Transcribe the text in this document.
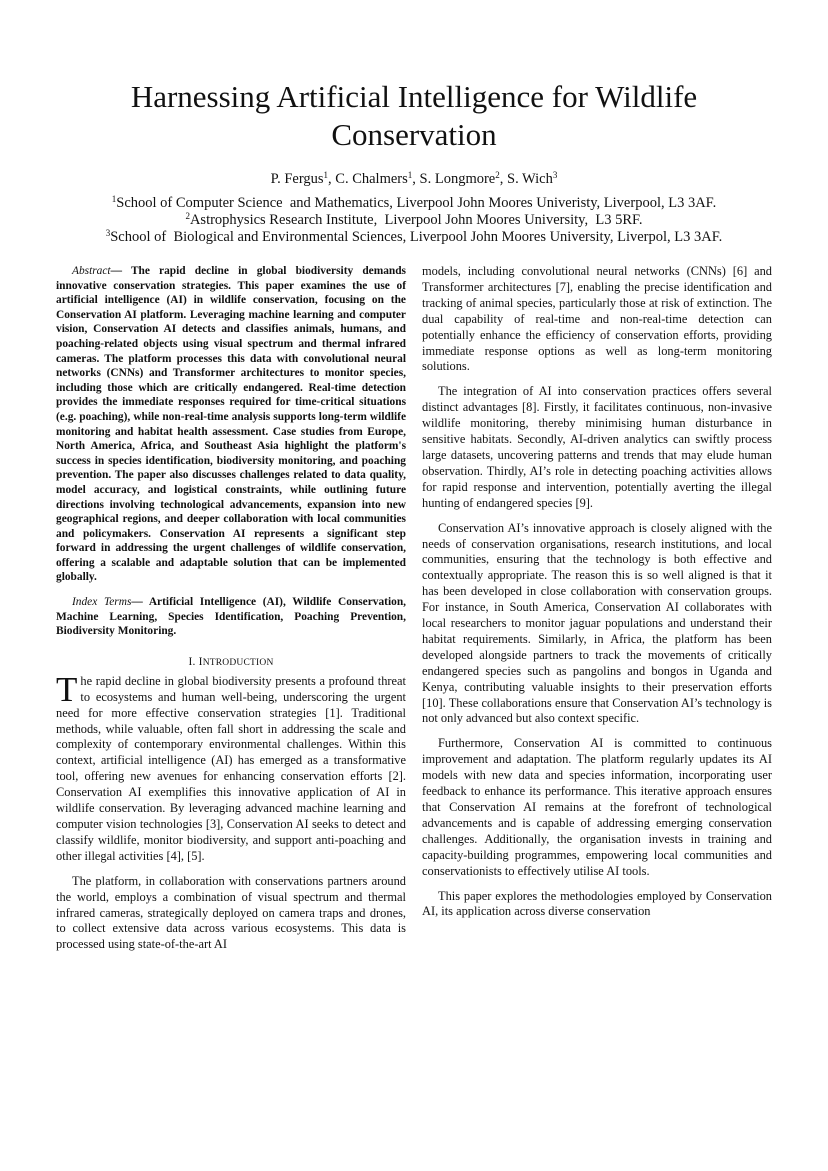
Harnessing Artificial Intelligence for Wildlife Conservation
P. Fergus$^1$, C. Chalmers$^1$, S. Longmore$^2$, S. Wich$^3$
$^1$School of Computer Science  and Mathematics, Liverpool John Moores Univeristy, Liverpool, L3 3AF.
$^2$Astrophysics Research Institute,  Liverpool John Moores University,  L3 5RF.
$^3$School of  Biological and Environmental Sciences, Liverpool John Moores University, Liverpol, L3 3AF.

Abstract— The rapid decline in global biodiversity demands innovative conservation strategies. This paper examines the use of artificial intelligence (AI) in wildlife conservation, focusing on the Conservation AI platform. Leveraging machine learning and computer vision, Conservation AI detects and classifies animals, humans, and poaching-related objects using visual spectrum and thermal infrared cameras. The platform processes this data with convolutional neural networks (CNNs) and Transformer architectures to monitor species, including those which are critically endangered. Real-time detection provides the immediate responses required for time-critical situations (e.g. poaching), while non-real-time analysis supports long-term wildlife monitoring and habitat health assessment. Case studies from Europe, North America, Africa, and Southeast Asia highlight the platform's success in species identification, biodiversity monitoring, and poaching prevention. The paper also discusses challenges related to data quality, model accuracy, and logistical constraints, while outlining future directions involving technological advancements, expansion into new geographical regions, and deeper collaboration with local communities and policymakers. Conservation AI represents a significant step forward in addressing the urgent challenges of wildlife conservation, offering a scalable and adaptable solution that can be implemented globally.

Index Terms— Artificial Intelligence (AI), Wildlife Conservation, Machine Learning, Species Identification, Poaching Prevention, Biodiversity Monitoring.

I. INTRODUCTION

The rapid decline in global biodiversity presents a profound threat to ecosystems and human well-being, underscoring the urgent need for more effective conservation strategies [1]. Traditional methods, while valuable, often fall short in addressing the scale and complexity of contemporary environmental challenges. Within this context, artificial intelligence (AI) has emerged as a transformative tool, offering new avenues for enhancing conservation efforts [2]. Conservation AI exemplifies this innovative application of AI in wildlife conservation. By leveraging advanced machine learning and computer vision technologies [3], Conservation AI seeks to detect and classify wildlife, monitor biodiversity, and support anti-poaching and other illegal activities [4], [5].

The platform, in collaboration with conservations partners around the world, employs a combination of visual spectrum and thermal infrared cameras, strategically deployed on camera traps and drones, to collect extensive data across various ecosystems. This data is processed using state-of-the-art AI

models, including convolutional neural networks (CNNs) [6] and Transformer architectures [7], enabling the precise identification and tracking of animal species, particularly those at risk of extinction. The dual capability of real-time and non-real-time detection can potentially enhance the efficiency of conservation efforts, providing immediate response options as well as long-term monitoring solutions.

The integration of AI into conservation practices offers several distinct advantages [8]. Firstly, it facilitates continuous, non-invasive wildlife monitoring, thereby minimising human disturbance in sensitive habitats. Secondly, AI-driven analytics can swiftly process large datasets, uncovering patterns and trends that may elude human observation. Thirdly, AI’s role in detecting poaching activities allows for rapid response and intervention, potentially averting the illegal hunting of endangered species [9].

Conservation AI’s innovative approach is closely aligned with the needs of conservation organisations, research institutions, and local communities, ensuring that the technology is both effective and contextually appropriate. The reason this is so well aligned is that it has been developed in close collaboration with conservation groups. For instance, in South America, Conservation AI collaborates with local researchers to monitor jaguar populations and understand their habitat requirements. Similarly, in Africa, the platform has been developed alongside partners to track the movements of critically endangered species such as pangolins and bongos in Uganda and Kenya, contributing valuable insights to their preservation efforts [10]. These collaborations ensure that Conservation AI’s technology is not only advanced but also context specific.

Furthermore, Conservation AI is committed to continuous improvement and adaptation. The platform regularly updates its AI models with new data and species information, incorporating user feedback to enhance its performance. This iterative approach ensures that Conservation AI remains at the forefront of technological advancements and is capable of addressing emerging conservation challenges. Additionally, the organisation invests in training and capacity-building programmes, empowering local communities and conservationists to effectively utilise AI tools.

This paper explores the methodologies employed by Conservation AI, its application across diverse conservation
